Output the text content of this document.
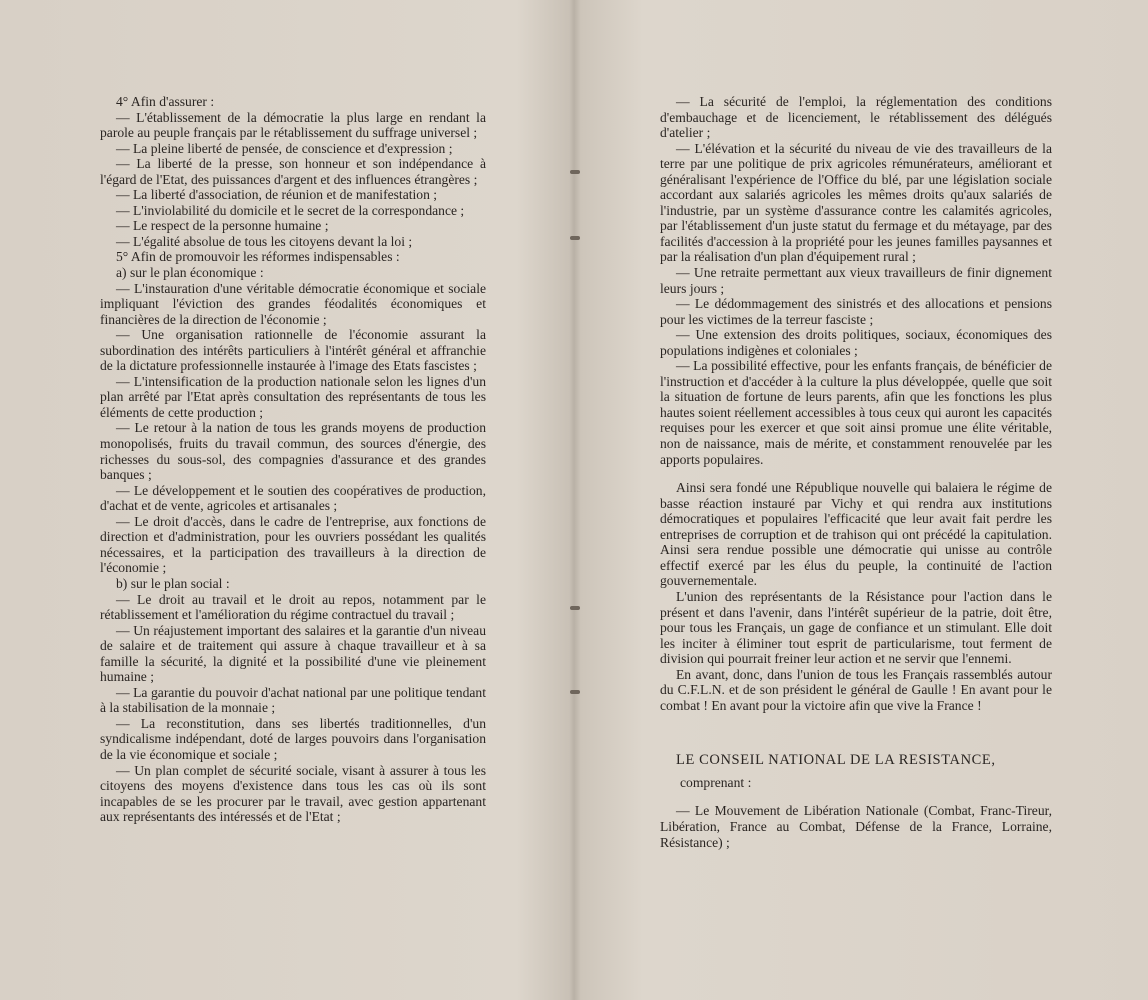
4° Afin d'assurer :

— L'établissement de la démocratie la plus large en rendant la parole au peuple français par le rétablissement du suffrage universel ;

— La pleine liberté de pensée, de conscience et d'expression ;

— La liberté de la presse, son honneur et son indépendance à l'égard de l'Etat, des puissances d'argent et des influences étrangères ;

— La liberté d'association, de réunion et de manifestation ;

— L'inviolabilité du domicile et le secret de la correspondance ;

— Le respect de la personne humaine ;

— L'égalité absolue de tous les citoyens devant la loi ;

5° Afin de promouvoir les réformes indispensables :

a) sur le plan économique :

— L'instauration d'une véritable démocratie économique et sociale impliquant l'éviction des grandes féodalités économiques et financières de la direction de l'économie ;

— Une organisation rationnelle de l'économie assurant la subordination des intérêts particuliers à l'intérêt général et affranchie de la dictature professionnelle instaurée à l'image des Etats fascistes ;

— L'intensification de la production nationale selon les lignes d'un plan arrêté par l'Etat après consultation des représentants de tous les éléments de cette production ;

— Le retour à la nation de tous les grands moyens de production monopolisés, fruits du travail commun, des sources d'énergie, des richesses du sous-sol, des compagnies d'assurance et des grandes banques ;

— Le développement et le soutien des coopératives de production, d'achat et de vente, agricoles et artisanales ;

— Le droit d'accès, dans le cadre de l'entreprise, aux fonctions de direction et d'administration, pour les ouvriers possédant les qualités nécessaires, et la participation des travailleurs à la direction de l'économie ;

b) sur le plan social :

— Le droit au travail et le droit au repos, notamment par le rétablissement et l'amélioration du régime contractuel du travail ;

— Un réajustement important des salaires et la garantie d'un niveau de salaire et de traitement qui assure à chaque travailleur et à sa famille la sécurité, la dignité et la possibilité d'une vie pleinement humaine ;

— La garantie du pouvoir d'achat national par une politique tendant à la stabilisation de la monnaie ;

— La reconstitution, dans ses libertés traditionnelles, d'un syndicalisme indépendant, doté de larges pouvoirs dans l'organisation de la vie économique et sociale ;

— Un plan complet de sécurité sociale, visant à assurer à tous les citoyens des moyens d'existence dans tous les cas où ils sont incapables de se les procurer par le travail, avec gestion appartenant aux représentants des intéressés et de l'Etat ;

— La sécurité de l'emploi, la réglementation des conditions d'embauchage et de licenciement, le rétablissement des délégués d'atelier ;

— L'élévation et la sécurité du niveau de vie des travailleurs de la terre par une politique de prix agricoles rémunérateurs, améliorant et généralisant l'expérience de l'Office du blé, par une législation sociale accordant aux salariés agricoles les mêmes droits qu'aux salariés de l'industrie, par un système d'assurance contre les calamités agricoles, par l'établissement d'un juste statut du fermage et du métayage, par des facilités d'accession à la propriété pour les jeunes familles paysannes et par la réalisation d'un plan d'équipement rural ;

— Une retraite permettant aux vieux travailleurs de finir dignement leurs jours ;

— Le dédommagement des sinistrés et des allocations et pensions pour les victimes de la terreur fasciste ;

— Une extension des droits politiques, sociaux, économiques des populations indigènes et coloniales ;

— La possibilité effective, pour les enfants français, de bénéficier de l'instruction et d'accéder à la culture la plus développée, quelle que soit la situation de fortune de leurs parents, afin que les fonctions les plus hautes soient réellement accessibles à tous ceux qui auront les capacités requises pour les exercer et que soit ainsi promue une élite véritable, non de naissance, mais de mérite, et constamment renouvelée par les apports populaires.

Ainsi sera fondé une République nouvelle qui balaiera le régime de basse réaction instauré par Vichy et qui rendra aux institutions démocratiques et populaires l'efficacité que leur avait fait perdre les entreprises de corruption et de trahison qui ont précédé la capitulation. Ainsi sera rendue possible une démocratie qui unisse au contrôle effectif exercé par les élus du peuple, la continuité de l'action gouvernementale.

L'union des représentants de la Résistance pour l'action dans le présent et dans l'avenir, dans l'intérêt supérieur de la patrie, doit être, pour tous les Français, un gage de confiance et un stimulant. Elle doit les inciter à éliminer tout esprit de particularisme, tout ferment de division qui pourrait freiner leur action et ne servir que l'ennemi.

En avant, donc, dans l'union de tous les Français rassemblés autour du C.F.L.N. et de son président le général de Gaulle ! En avant pour le combat ! En avant pour la victoire afin que vive la France !

LE CONSEIL NATIONAL DE LA RESISTANCE,

comprenant :

— Le Mouvement de Libération Nationale (Combat, Franc-Tireur, Libération, France au Combat, Défense de la France, Lorraine, Résistance) ;
